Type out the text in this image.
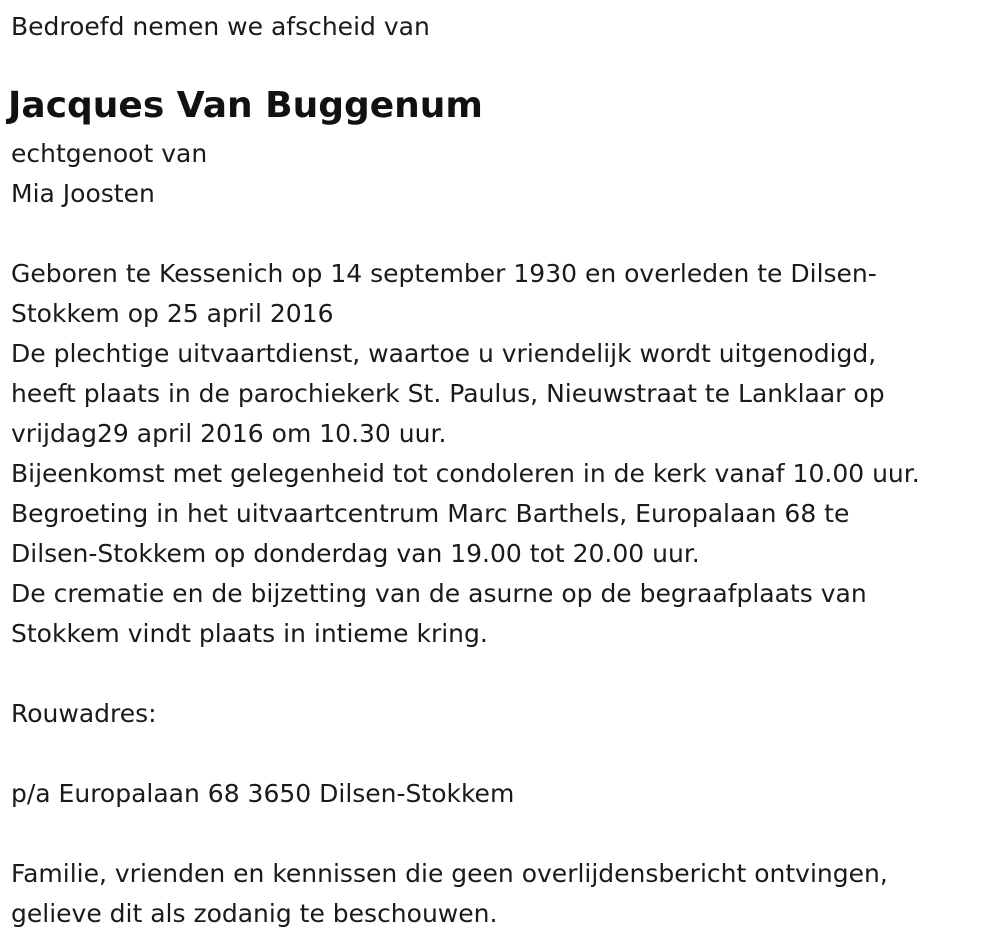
Bedroefd nemen we afscheid van
Jacques Van Buggenum
echtgenoot van
Mia Joosten
Geboren te Kessenich op 14 september 1930 en overleden te Dilsen-
Stokkem op 25 april 2016
De plechtige uitvaartdienst, waartoe u vriendelijk wordt uitgenodigd,
heeft plaats in de parochiekerk St. Paulus, Nieuwstraat te Lanklaar op
vrijdag29 april 2016 om 10.30 uur.
Bijeenkomst met gelegenheid tot condoleren in de kerk vanaf 10.00 uur.
Begroeting in het uitvaartcentrum Marc Barthels, Europalaan 68 te
Dilsen-Stokkem op donderdag van 19.00 tot 20.00 uur.
De crematie en de bijzetting van de asurne op de begraafplaats van
Stokkem vindt plaats in intieme kring.
Rouwadres:
p/a Europalaan 68 3650 Dilsen-Stokkem
Familie, vrienden en kennissen die geen overlijdensbericht ontvingen,
gelieve dit als zodanig te beschouwen.
